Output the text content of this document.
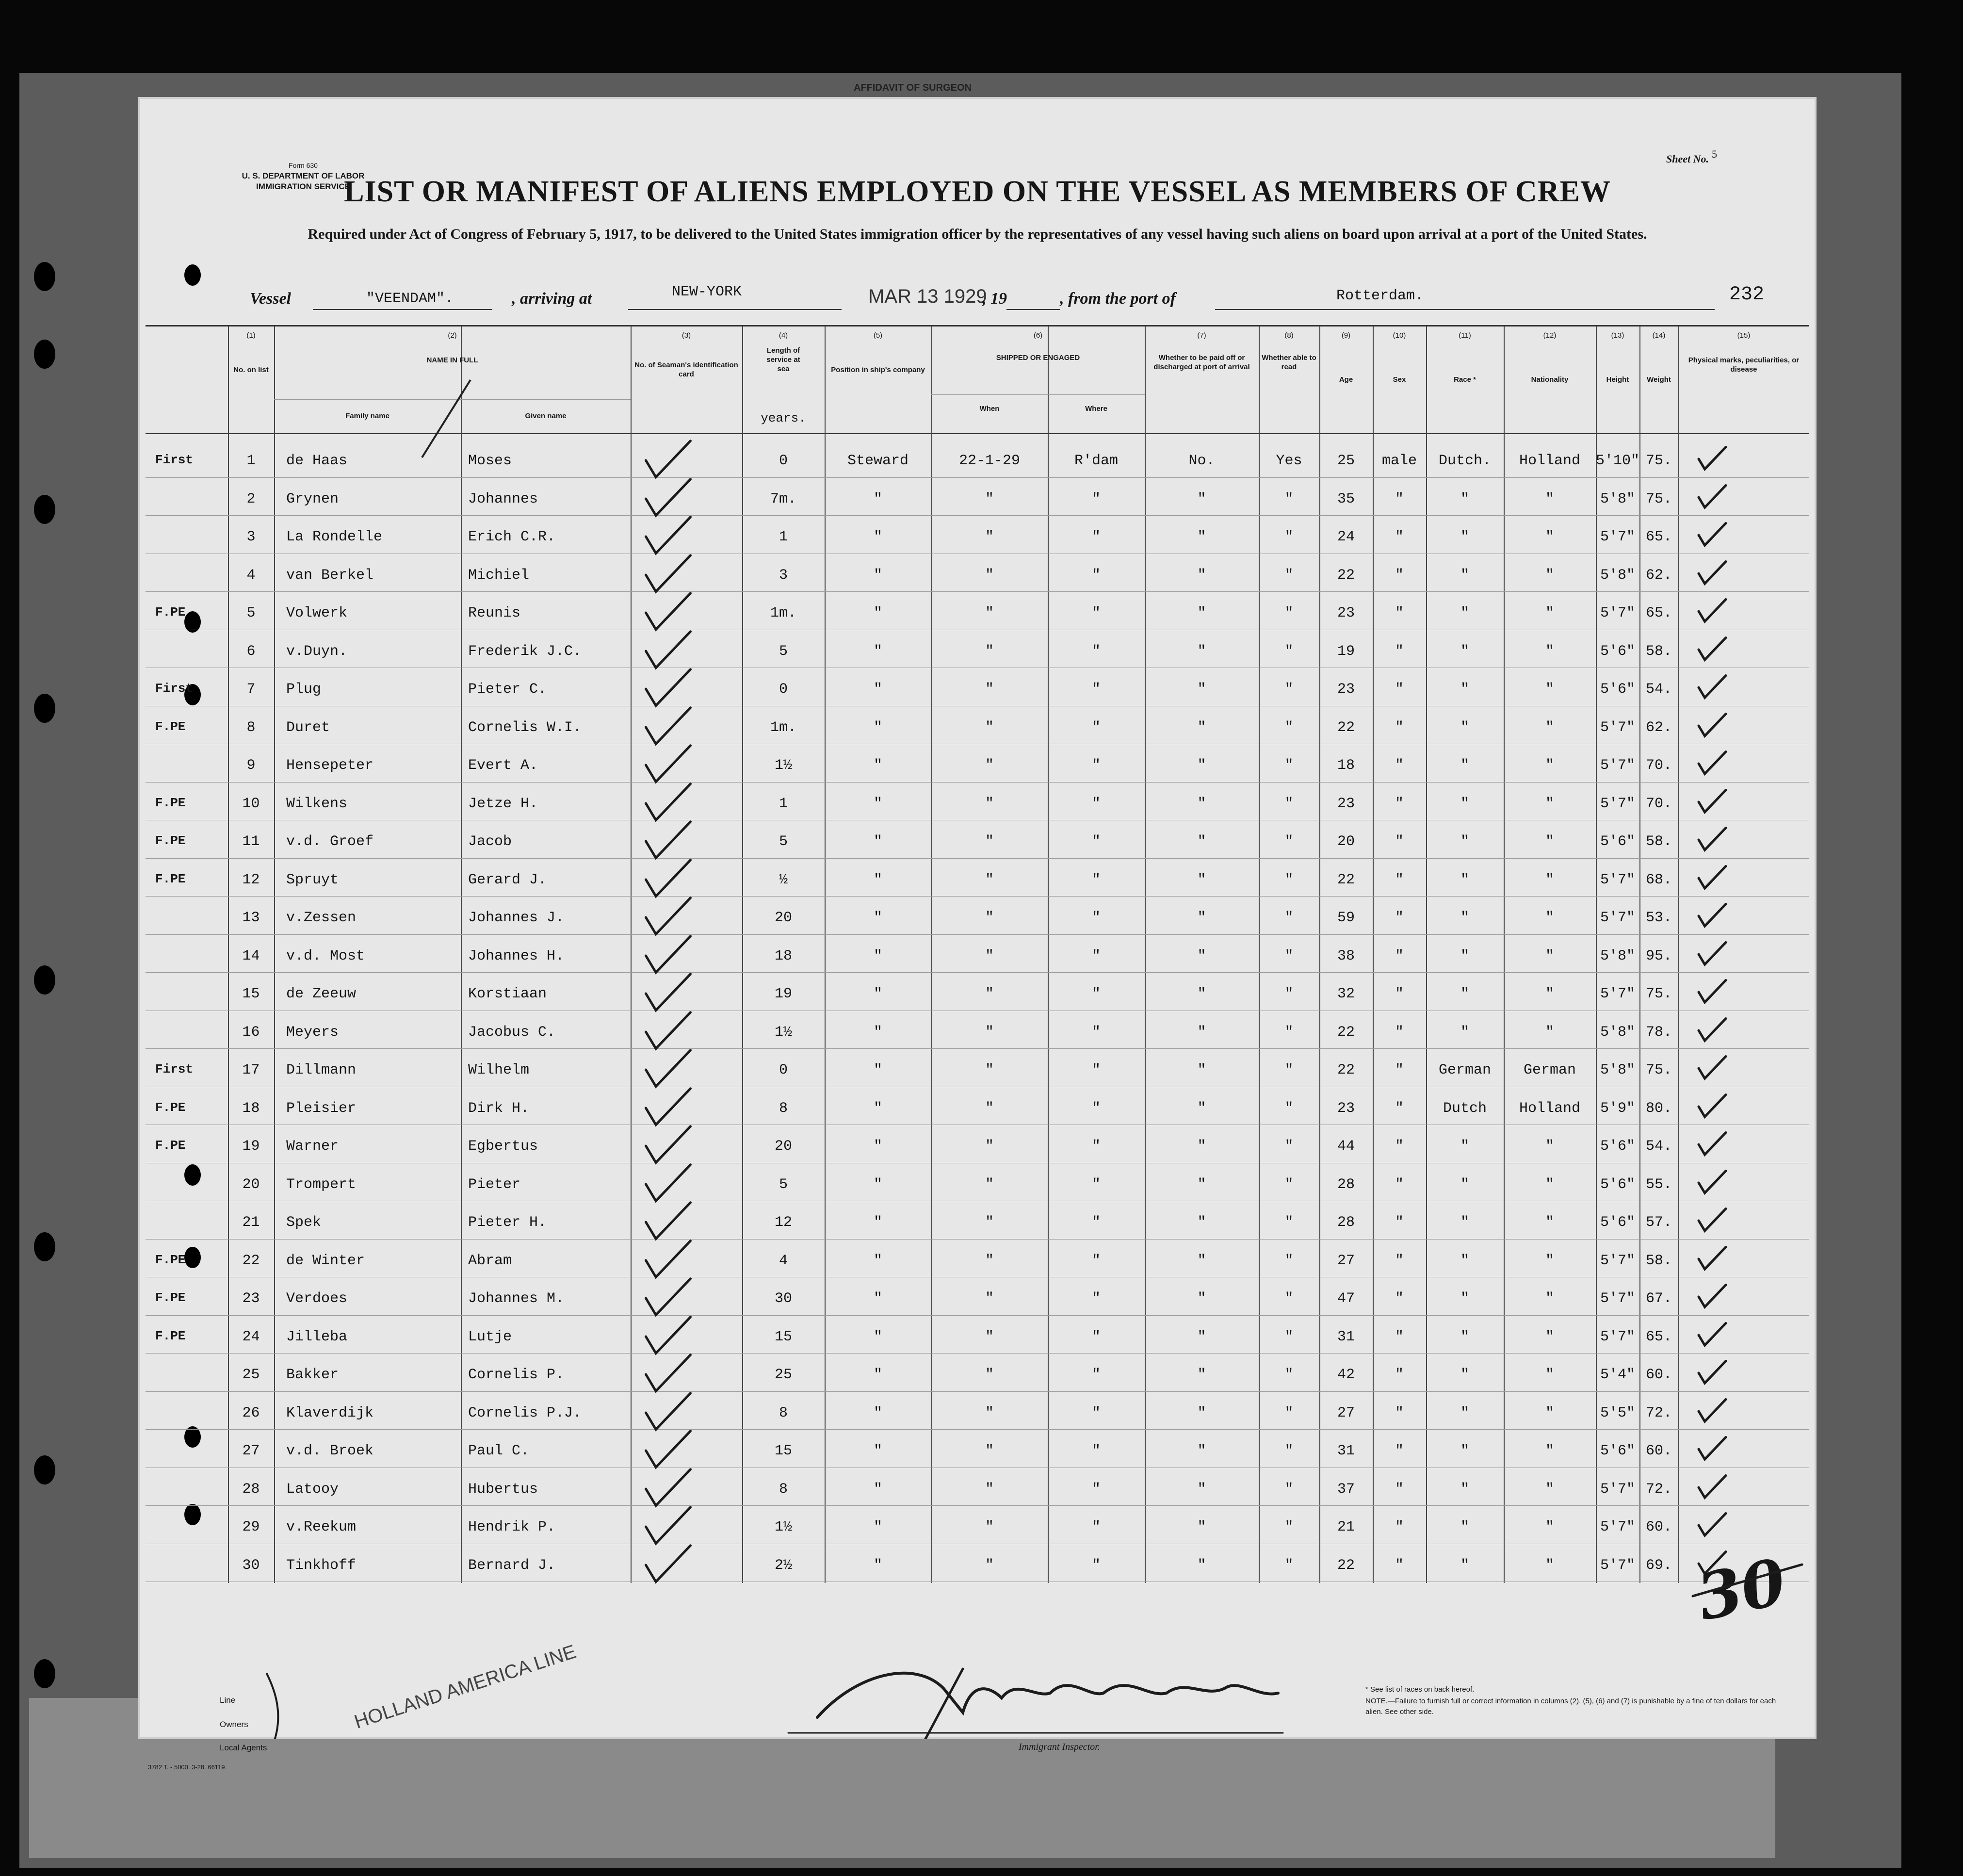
AFFIDAVIT OF SURGEON
Form 630
U. S. DEPARTMENT OF LABOR
IMMIGRATION SERVICE
Sheet No. 5
LIST OR MANIFEST OF ALIENS EMPLOYED ON THE VESSEL AS MEMBERS OF CREW
Required under Act of Congress of February 5, 1917, to be delivered to the United States immigration officer by the representatives of any vessel having such aliens on board upon arrival at a port of the United States.
Vessel	"VEENDAM".	, arriving at	NEW-YORK	MAR 13 1929
, 19	, from the port of	Rotterdam.	232
(1)	(2)	(3)	(4)	(5)	(6)	(7)	(8)	(9)	(10)	(11)	(12)	(13)	(14)	(15)
No. on list
NAME IN FULL
Family name	Given name
No. of Seaman's identification card
Length of service at sea
years.
Position in ship's company
SHIPPED OR ENGAGED
When	Where
Whether to be paid off or discharged at port of arrival
Whether able to read
Age	Sex	Race *	Nationality	Height	Weight
Physical marks, peculiarities, or disease
First	1	de Haas	Moses	0	Steward	22-1-29	R'dam	No.	Yes	25	male	Dutch.	Holland	5'10" 75.
2	Grynen	Johannes	7m.	"	"	"	"	"	35	"	"	"	5'8" 75.
3	La Rondelle	Erich C.R.	1	"	"	"	"	"	24	"	"	"	5'7" 65.
4	van Berkel	Michiel	3	"	"	"	"	"	22	"	"	"	5'8" 62.
F.PE	5	Volwerk	Reunis	1m.	"	"	"	"	"	23	"	"	"	5'7" 65.
6	v.Duyn.	Frederik J.C.	5	"	"	"	"	"	19	"	"	"	5'6" 58.
First	7	Plug	Pieter C.	0	"	"	"	"	"	23	"	"	"	5'6" 54.
F.PE	8	Duret	Cornelis W.I.	1m.	"	"	"	"	"	22	"	"	"	5'7" 62.
9	Hensepeter	Evert A.	1½	"	"	"	"	"	18	"	"	"	5'7" 70.
F.PE	10	Wilkens	Jetze H.	1	"	"	"	"	"	23	"	"	"	5'7" 70.
F.PE	11	v.d. Groef	Jacob	5	"	"	"	"	"	20	"	"	"	5'6" 58.
F.PE	12	Spruyt	Gerard J.	½	"	"	"	"	"	22	"	"	"	5'7" 68.
13	v.Zessen	Johannes J.	20	"	"	"	"	"	59	"	"	"	5'7" 53.
14	v.d. Most	Johannes H.	18	"	"	"	"	"	38	"	"	"	5'8" 95.
15	de Zeeuw	Korstiaan	19	"	"	"	"	"	32	"	"	"	5'7" 75.
16	Meyers	Jacobus C.	1½	"	"	"	"	"	22	"	"	"	5'8" 78.
First	17	Dillmann	Wilhelm	0	"	"	"	"	"	22	"	German	German	5'8" 75.
F.PE	18	Pleisier	Dirk H.	8	"	"	"	"	"	23	"	Dutch	Holland	5'9" 80.
F.PE	19	Warner	Egbertus	20	"	"	"	"	"	44	"	"	"	5'6" 54.
20	Trompert	Pieter	5	"	"	"	"	"	28	"	"	"	5'6" 55.
21	Spek	Pieter H.	12	"	"	"	"	"	28	"	"	"	5'6" 57.
F.PE	22	de Winter	Abram	4	"	"	"	"	"	27	"	"	"	5'7" 58.
F.PE	23	Verdoes	Johannes M.	30	"	"	"	"	"	47	"	"	"	5'7" 67.
F.PE	24	Jilleba	Lutje	15	"	"	"	"	"	31	"	"	"	5'7" 65.
25	Bakker	Cornelis P.	25	"	"	"	"	"	42	"	"	"	5'4" 60.
26	Klaverdijk	Cornelis P.J.	8	"	"	"	"	"	27	"	"	"	5'5" 72.
27	v.d. Broek	Paul C.	15	"	"	"	"	"	31	"	"	"	5'6" 60.
28	Latooy	Hubertus	8	"	"	"	"	"	37	"	"	"	5'7" 72.
29	v.Reekum	Hendrik P.	1½	"	"	"	"	"	21	"	"	"	5'7" 60.
30	Tinkhoff	Bernard J.	2½	"	"	"	"	"	22	"	"	"	5'7" 69.
Line
Owners
Local Agents
HOLLAND AMERICA LINE
Immigrant Inspector.
3782 T. - 5000. 3-28. 66119.
* See list of races on back hereof.
NOTE.—Failure to furnish full or correct information in columns (2), (5), (6) and (7) is punishable by a fine of ten dollars for each alien. See other side.
30
